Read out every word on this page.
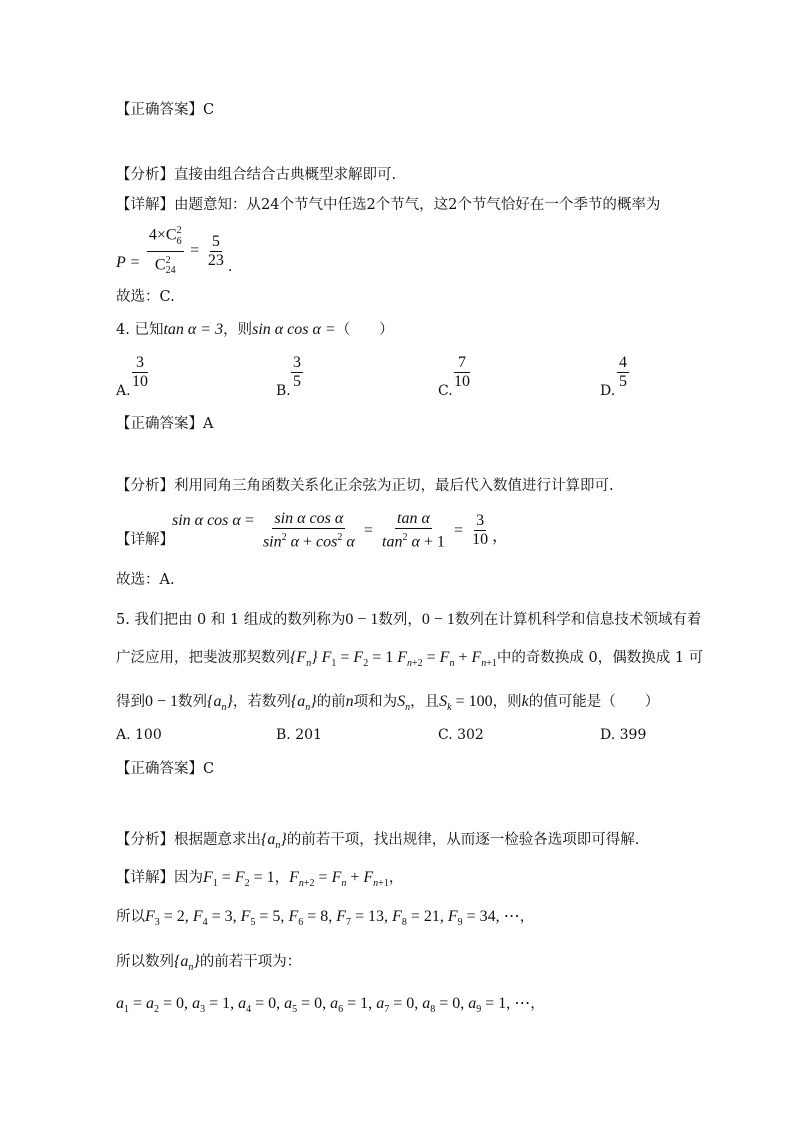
【正确答案】C
【分析】直接由组合结合古典概型求解即可.
【详解】由题意知：从24个节气中任选2个节气，这2个节气恰好在一个季节的概率为
$P = \frac{4\times C^2_6}{C^2_{24}} = \frac{5}{23}$ .
故选：C.
4. 已知tan α = 3，则sin α cos α =（　　）
A.
3
10
B.
3
5
C.
7
10
D.
4
5
【正确答案】A
【分析】利用同角三角函数关系化正余弦为正切，最后代入数值进行计算即可.
【详解】
sin α $\cos \alpha = \frac{\text{sin α cos α}}{\sin^2 \alpha + \cos^2 \alpha} = \frac{\text{tan α}}{\tan^2 \alpha + 1} = \frac{3}{10}$ ，
故选：A.
5. 我们把由 0 和 1 组成的数列称为0 − 1数列，0 − 1数列在计算机科学和信息技术领域有着
广泛应用，把斐波那契数列$\{F_n\} F_1 = F_2 = 1$ $F_{n+2} = F_n + F_{n+1}$中的奇数换成 0，偶数换成 1 可
得到0 − 1数列$\{a_n\}$，若数列$\{a_n\}$的前n项和为$S_n$，且$S_k = 100$，则k的值可能是（　　）
A. 100	B. 201	C. 302	D. 399
【正确答案】C
【分析】根据题意求出$\{a_n\}$的前若干项，找出规律，从而逐一检验各选项即可得解.
【详解】因为$F_1 = F_2 = 1$，$F_{n+2} = F_n + F_{n+1}$，
所以$F_3 = 2$, $F_4 = 3$, $F_5 = 5$, $F_6 = 8$, $F_7 = 13$, $F_8 = 21$, $F_9 = 34$, ⋯，
所以数列$\{a_n\}$的前若干项为：
$a_1 = a_2 = 0$, $a_3 = 1$, $a_4 = 0$, $a_5 = 0$, $a_6 = 1$, $a_7 = 0$, $a_8 = 0$, $a_9 = 1$, ⋯，
